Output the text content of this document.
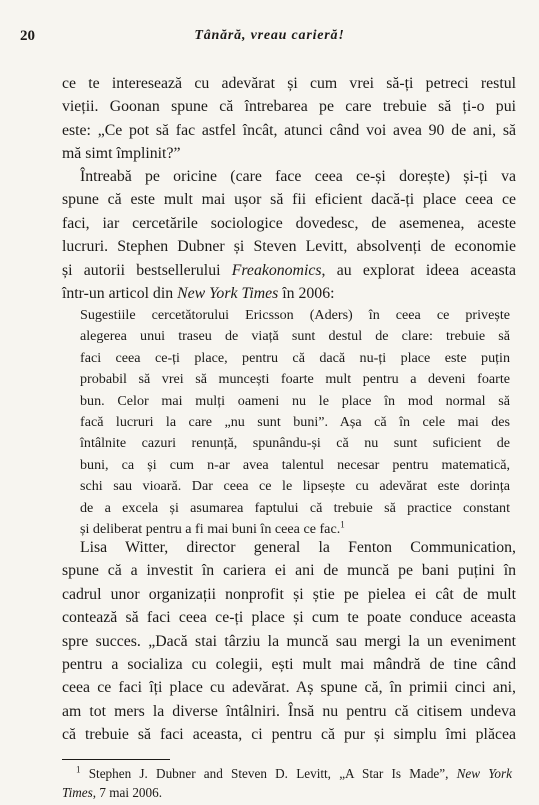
20	Tânără, vreau carieră!

ce te interesează cu adevărat și cum vrei să-ți petreci restul
vieții. Goonan spune că întrebarea pe care trebuie să ți-o pui
este: „Ce pot să fac astfel încât, atunci când voi avea 90 de ani, să
mă simt împlinit?”

Întreabă pe oricine (care face ceea ce-și dorește) și-ți va
spune că este mult mai ușor să fii eficient dacă-ți place ceea ce
faci, iar cercetările sociologice dovedesc, de asemenea, aceste
lucruri. Stephen Dubner și Steven Levitt, absolvenți de economie
și autorii bestsellerului Freakonomics, au explorat ideea aceasta
într-un articol din New York Times în 2006:

Sugestiile cercetătorului Ericsson (Aders) în ceea ce privește
alegerea unui traseu de viață sunt destul de clare: trebuie să
faci ceea ce-ți place, pentru că dacă nu-ți place este puțin
probabil să vrei să muncești foarte mult pentru a deveni foarte
bun. Celor mai mulți oameni nu le place în mod normal să
facă lucruri la care „nu sunt buni”. Așa că în cele mai des
întâlnite cazuri renunță, spunându-și că nu sunt suficient de
buni, ca și cum n-ar avea talentul necesar pentru matematică,
schi sau vioară. Dar ceea ce le lipsește cu adevărat este dorința
de a excela și asumarea faptului că trebuie să practice constant
și deliberat pentru a fi mai buni în ceea ce fac.$^1$

Lisa Witter, director general la Fenton Communication,
spune că a investit în cariera ei ani de muncă pe bani puțini în
cadrul unor organizații nonprofit și știe pe pielea ei cât de mult
contează să faci ceea ce-ți place și cum te poate conduce aceasta
spre succes. „Dacă stai târziu la muncă sau mergi la un eveniment
pentru a socializa cu colegii, ești mult mai mândră de tine când
ceea ce faci îți place cu adevărat. Aș spune că, în primii cinci ani,
am tot mers la diverse întâlniri. Însă nu pentru că citisem undeva
că trebuie să faci aceasta, ci pentru că pur și simplu îmi plăcea

$^1$ Stephen J. Dubner and Steven D. Levitt, „A Star Is Made”, New York
Times, 7 mai 2006.
